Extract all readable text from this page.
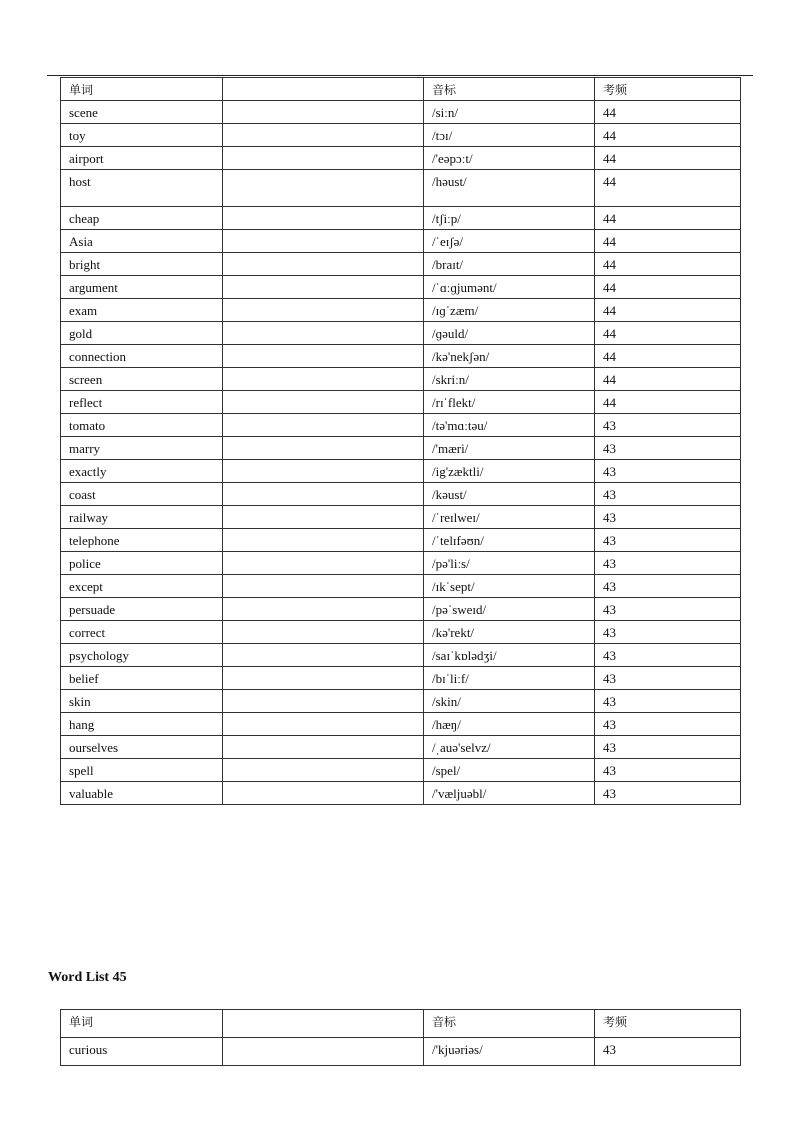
单词		音标	考频
scene		/siːn/	44
toy		/tɔɪ/	44
airport		/'eəpɔːt/	44
host		/həust/	44
cheap		/tʃiːp/	44
Asia		/ˈeɪʃə/	44
bright		/braɪt/	44
argument		/ˈɑːɡjumənt/	44
exam		/ɪɡˈzæm/	44
gold		/ɡəuld/	44
connection		/kə'nekʃən/	44
screen		/skriːn/	44
reflect		/rɪˈflekt/	44
tomato		/tə'mɑːtəu/	43
marry		/'mæri/	43
exactly		/ig'zæktli/	43
coast		/kəust/	43
railway		/ˈreɪlweɪ/	43
telephone		/ˈtelɪfəʊn/	43
police		/pə'liːs/	43
except		/ɪkˈsept/	43
persuade		/pəˈsweɪd/	43
correct		/kə'rekt/	43
psychology		/saɪˈkɒlədʒi/	43
belief		/bɪˈliːf/	43
skin		/skin/	43
hang		/hæŋ/	43
ourselves		/ˌauə'selvz/	43
spell		/spel/	43
valuable		/'væljuəbl/	43
Word List 45
单词		音标	考频
curious		/'kjuəriəs/	43
